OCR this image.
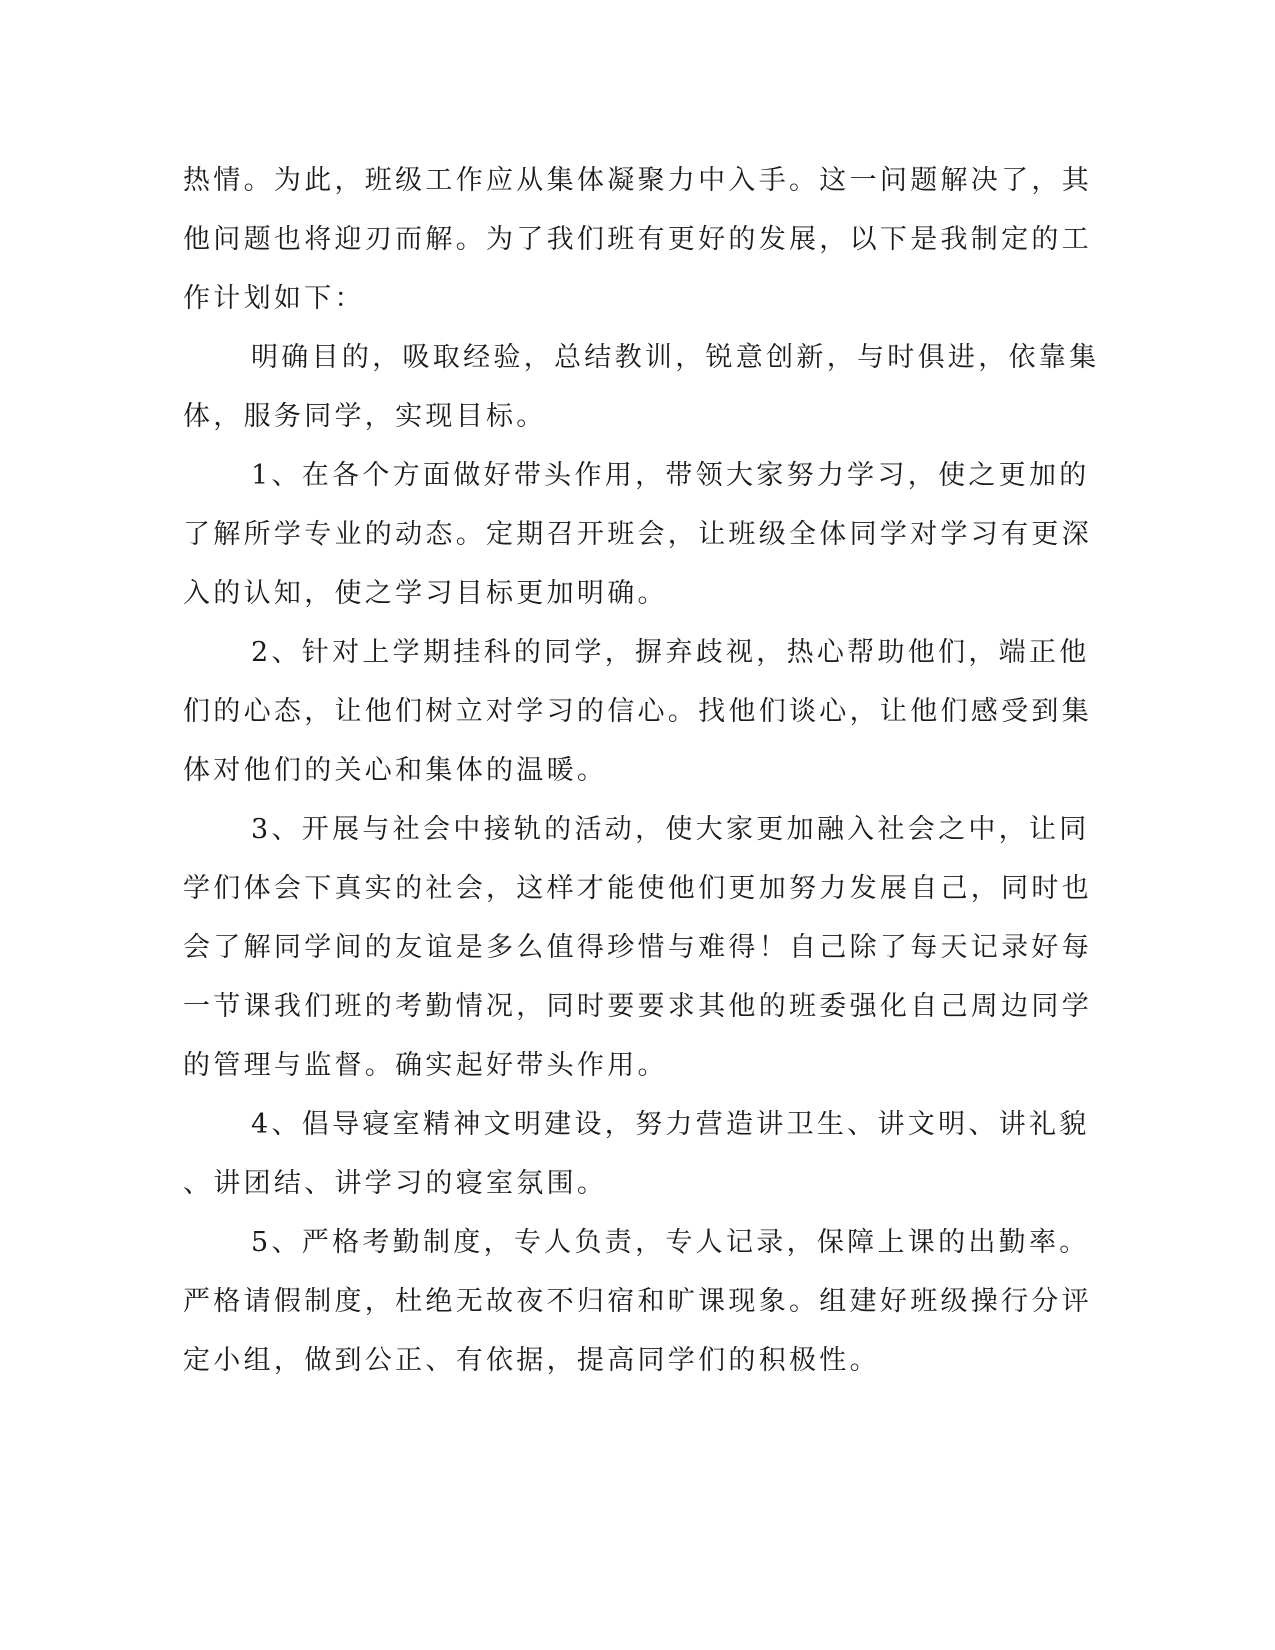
热情。为此，班级工作应从集体凝聚力中入手。这一问题解决了，其

他问题也将迎刃而解。为了我们班有更好的发展，以下是我制定的工

作计划如下：

明确目的，吸取经验，总结教训，锐意创新，与时俱进，依靠集

体，服务同学，实现目标。

1、在各个方面做好带头作用，带领大家努力学习，使之更加的

了解所学专业的动态。定期召开班会，让班级全体同学对学习有更深

入的认知，使之学习目标更加明确。

2、针对上学期挂科的同学，摒弃歧视，热心帮助他们，端正他

们的心态，让他们树立对学习的信心。找他们谈心，让他们感受到集

体对他们的关心和集体的温暖。

3、开展与社会中接轨的活动，使大家更加融入社会之中，让同

学们体会下真实的社会，这样才能使他们更加努力发展自己，同时也

会了解同学间的友谊是多么值得珍惜与难得！自己除了每天记录好每

一节课我们班的考勤情况，同时要要求其他的班委强化自己周边同学

的管理与监督。确实起好带头作用。

4、倡导寝室精神文明建设，努力营造讲卫生、讲文明、讲礼貌

、讲团结、讲学习的寝室氛围。

5、严格考勤制度，专人负责，专人记录，保障上课的出勤率。

严格请假制度，杜绝无故夜不归宿和旷课现象。组建好班级操行分评

定小组，做到公正、有依据，提高同学们的积极性。
